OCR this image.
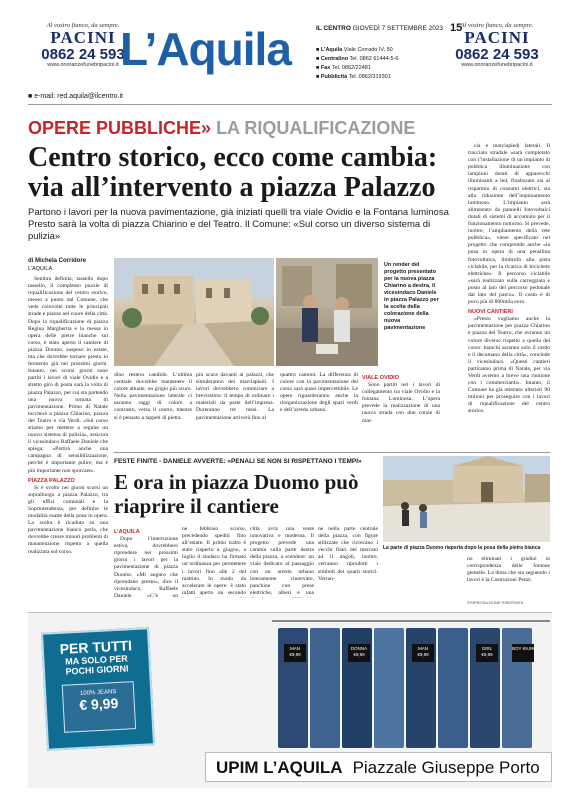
Al vostro fianco, da sempre.
PACINI
0862 24 593
www.onoranzefunebripacini.it L’Aquila	IL CENTRO GIOVEDÌ 7 SETTEMBRE 2023 15
■ L’Aquila Viale Corrado IV, 50
■ Centralino Tel. 0862 61444-5-6
■ Fax Tel. 0862/22481
■ Pubblicità Tel. 0862/319301
Al vostro fianco, da sempre.
PACINI
0862 24 593
www.onoranzefunebripacini.it
■ e-mail: red.aquila@ilcentro.it
OPERE PUBBLICHE» LA RIQUALIFICAZIONE
Centro storico, ecco come cambia: via all’intervento a piazza Palazzo
Partono i lavori per la nuova pavimentazione, già iniziati quelli tra viale Ovidio e la Fontana luminosa Presto sarà la volta di piazza Chiarino e del Teatro. Il Comune: «Sul corso un diverso sistema di pulizia»
di Michela Corridore
L’AQUILA

Sembra definita, tassello dopo tassello, il complesso puzzle di riqualificazione del centro storico, messo a punto dal Comune, che vede coinvolte tutte le principali strade e piazze nel cuore della città. Dopo la riqualificazione di piazza Regina Margherita e la messa in opera delle pietre bianche sul corso, è stato aperto il cantiere di piazza Duomo, sospeso in estate, ma che dovrebbe tornare presto in fermento già nei prossimi giorni. Intanto, nei scorsi giorni sono partiti i lavori di viale Ovidio e a stretto giro di posta sarà la volta di piazza Palazzo, per cui sta partendo una nuova tornata di pavimentazione. Primo di Natale toccherà a piazza Chiarino, piazza del Teatro e via Verdi. «Sul corso stiamo per mettere a regime un nuovo sistema di pulizia», assicura il vicesindaco Raffaele Daniele che spiega: «Partirà anche una campagna di sensibilizzazione, perché è importante pulire, ma è più importante non sporcare».

PIAZZA PALAZZO

Si è svolto nei giorni scorsi un sopralluogo a piazza Palazzo, tra gli uffici comunali e la Soprintendenza, per definire le modalità esatte della posa in opera. La scelta è ricaduta su una pavimentazione bianco perla, che dovrebbe creare minori problemi di manutenzione rispetto a quella realizzata sul corso.

Un render del progetto presentato per la nuova piazza Chiarino a destra, il vicesindaco Daniele in piazza Palazzo per la scelta della colorazione della nuova pavimentazione
dino restera candido. L’ultima centrale dovrebbe mantenere il colore attuale, un grigio più scuro. Nella pavimentazione laterale ci saranno raggi di colore a contrasto, verso il centro, mentre si è pensato a tappeti di pietra.
più scura davanti ai palazzi, che simuleranno dei marciapiedi. I lavori dovrebbero cominciare a brevissimo: il tempo di ordinare i materiali da parte dell’impresa. Dureranno tre mesi. La pavimentazione arriverà fino al
quattro cantoni. La differenza di colore con la pavimentazione del corso sarà quasi impercettibile. Le opere riguarderanno anche la riorganizzazione degli spazi verdi e dell’arredo urbano.

VIALE OVIDIO

Sono partiti ieri i lavori di collegamento tra viale Ovidio e la fontana Luminosa. L’opera prevede la realizzazione di una nuova strada con due corsie di mar-

cia e marciapiedi laterali. Il tracciato stradale «sarà completato con l’installazione di un impianto di pubblica illuminazione con lampioni dotati di apparecchi illuminanti a led, finalizzato sia al risparmio di consumi elettrici, sia alla riduzione dell’inquinamento luminoso. L’impianto sarà alimentato da pannelli fotovoltaici dotati di sistemi di accumulo per il funzionamento notturno. Si prevede, inoltre, l’ampliamento della rete pubblica», viene specificato nel progetto che comprende anche «la posa in opera di una pensilina fotovoltaica, limitrofa alla pista ciclabile, per la ricarica di biciclette elettriche». Il percorso ciclabile «sarà realizzato sulla carreggiata e posto al lato del percorso pedonale dal lato del parco». Il costo è di poco più di 800mila euro.

NUOVI CANTIERI

«Presto vogliamo anche la pavimentazione per piazza Chiarino e piazza del Teatro, che avranno un colore diverso rispetto a quella del corso: bianchi saranno solo il cardo e il decumano della città», conclude il vicesindaco. «Questi cantieri partiranno prima di Natale, per via Verdi avremo a breve una riunione con i commercianti». Intanto, il Comune ha già ottenuto ulteriori 90 milioni per proseguire con i lavori di riqualificazione del centro storico.

FESTE FINITE - DANIELE AVVERTE: «PENALI SE NON SI RISPETTANO I TEMPI»
E ora in piazza Duomo può riaprire il cantiere
La parte di piazza Duomo riaperta dopo la posa della pietra bianca

L’AQUILA

Dopo l’interruzione estiva, dovrebbero riprendere nei prossimi giorni i lavori per la pavimentazione di piazza Duomo. «Mi auguro che riprendano presto», dice il vicesindaco, Raffaele Daniele. «C’è un

ne febbraio scorso, precedendo spediti fino all’estate. Il primo tratto è stato riaperto a giugno, a luglio il sindaco ha firmato un’ordinanza per permettere i lavori fino alle 2 del mattino. In modo da accelerare le opere: è stato infatti aperto un secondo
città avrà una veste innovativa e moderna. Il progetto prevede una cambia sulla parte destra della piazza, a scendere: un viale dedicato al passaggio con un arredo urbano interamente rinnovato, panchine con prese elettriche, alberi e una
ne nella parte centrale della piazza, con figure stilizzate che ricrecano i vecchi filari del mercato ad il angoli, inoltre, verranno riprodotti i simboli dei quarti storici. Verran-
no eliminati i gradini in corrispondenza delle fontane gemelle. La dima che sta seguendo i lavori è la Costruzioni Penzi.
©RIPRODUZIONE RISERVATA
PER TUTTI
MA SOLO PER
POCHI GIORNI
100% JEANS
€ 9,99
MAN €9,99
DONNA €9,99
MAN €9,99
GIRL €9,99
BOY €9,99
UPIM L’AQUILA Piazzale Giuseppe Porto
